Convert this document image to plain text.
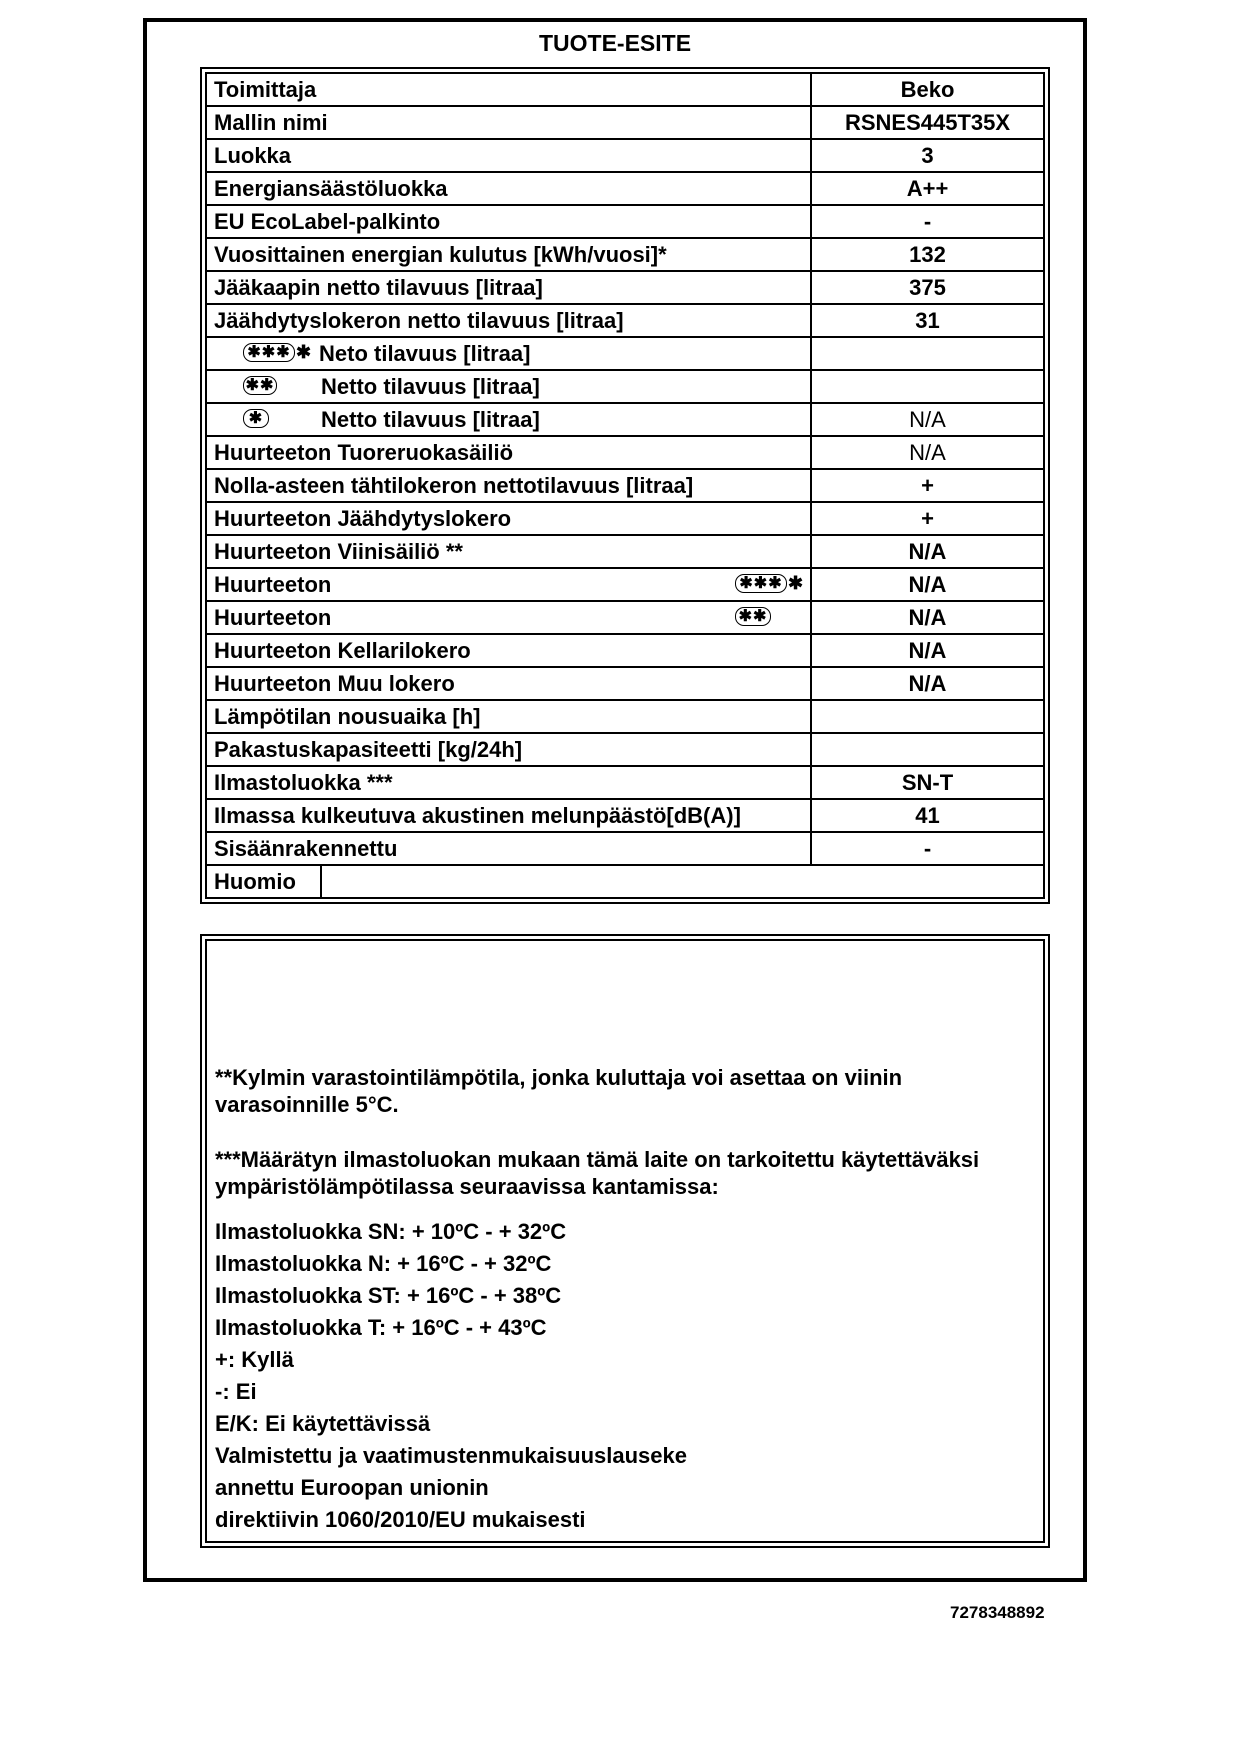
TUOTE-ESITE
Toimittaja	Beko
Mallin nimi	RSNES445T35X
Luokka	3
Energiansäästöluokka	A++
EU EcoLabel-palkinto	-
Vuosittainen energian kulutus [kWh/vuosi]*	132
Jääkaapin netto tilavuus [litraa]	375
Jäähdytyslokeron netto tilavuus [litraa]	31
✱✱✱ ✱ Neto tilavuus [litraa]
✱✱ Netto tilavuus [litraa]
✱	Netto tilavuus [litraa]	N/A
Huurteeton Tuoreruokasäiliö	N/A
Nolla-asteen tähtilokeron nettotilavuus [litraa]	+
Huurteeton Jäähdytyslokero	+
Huurteeton Viinisäiliö **	N/A
Huurteeton	✱✱✱ ✱	N/A
Huurteeton	✱✱	N/A
Huurteeton Kellarilokero	N/A
Huurteeton Muu lokero	N/A
Lämpötilan nousuaika [h]
Pakastuskapasiteetti [kg/24h]
Ilmastoluokka ***	SN-T
Ilmassa kulkeutuva akustinen melunpäästö[dB(A)]	41
Sisäänrakennettu	-
Huomio
**Kylmin varastointilämpötila, jonka kuluttaja voi asettaa on viinin
varasoinnille 5°C.
***Määrätyn ilmastoluokan mukaan tämä laite on tarkoitettu käytettäväksi
ympäristölämpötilassa seuraavissa kantamissa:
Ilmastoluokka SN: + 10ºC - + 32ºC
Ilmastoluokka N: + 16ºC - + 32ºC
Ilmastoluokka ST: + 16ºC - + 38ºC
Ilmastoluokka T: + 16ºC - + 43ºC
+: Kyllä
-: Ei
E/K: Ei käytettävissä
Valmistettu ja vaatimustenmukaisuuslauseke
annettu Euroopan unionin
direktiivin 1060/2010/EU mukaisesti
7278348892
